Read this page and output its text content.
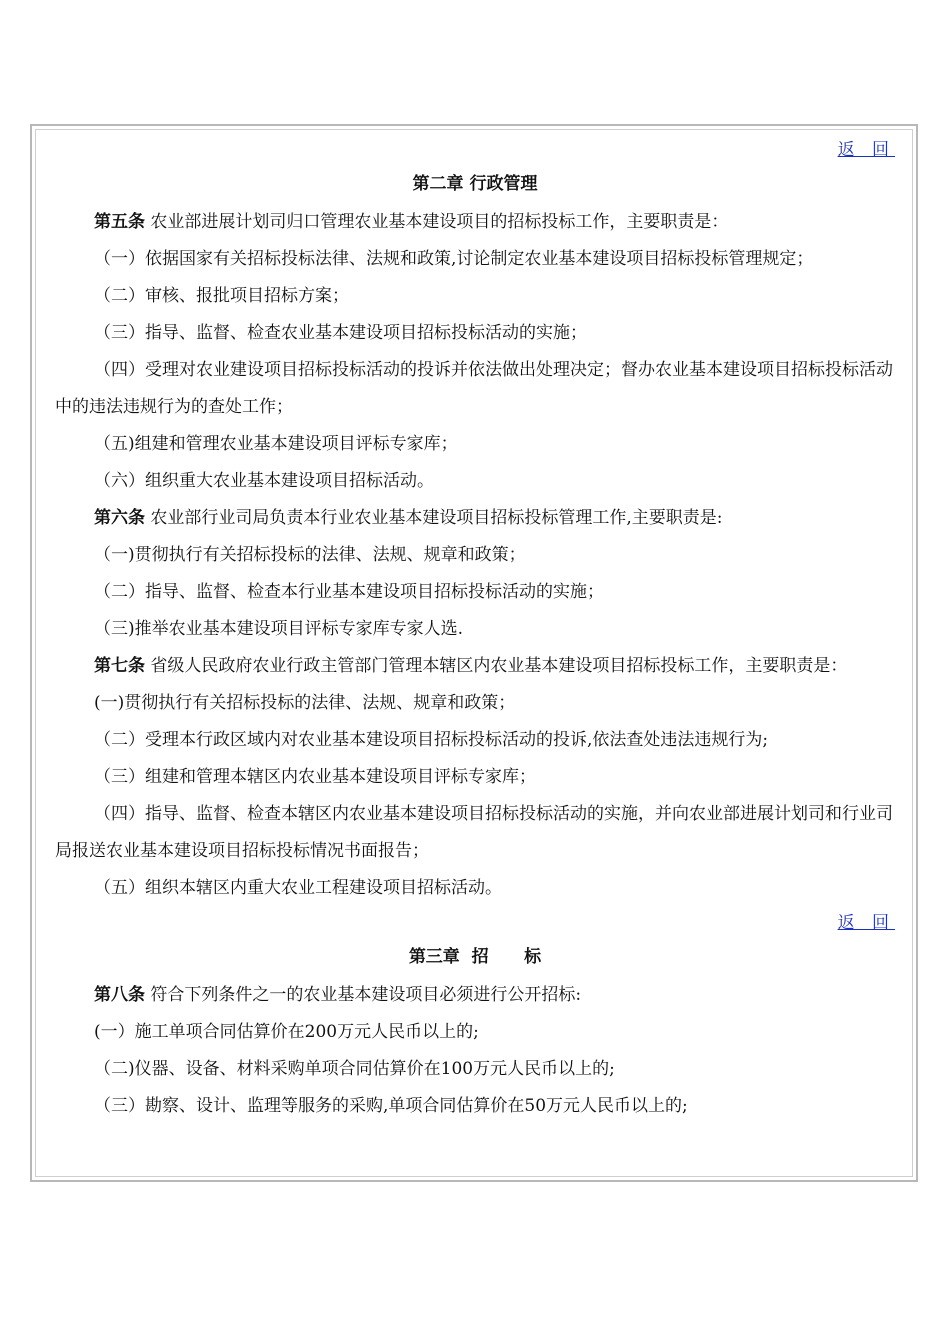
返 回
第二章 行政管理
第五条 农业部进展计划司归口管理农业基本建设项目的招标投标工作，主要职责是：
（一）依据国家有关招标投标法律、法规和政策,讨论制定农业基本建设项目招标投标管理规定；
（二）审核、报批项目招标方案；
（三）指导、监督、检查农业基本建设项目招标投标活动的实施；
（四）受理对农业建设项目招标投标活动的投诉并依法做出处理决定；督办农业基本建设项目招标投标活动中的违法违规行为的查处工作；
（五)组建和管理农业基本建设项目评标专家库；
（六）组织重大农业基本建设项目招标活动。
第六条 农业部行业司局负责本行业农业基本建设项目招标投标管理工作,主要职责是:
（一)贯彻执行有关招标投标的法律、法规、规章和政策；
（二）指导、监督、检查本行业基本建设项目招标投标活动的实施；
（三)推举农业基本建设项目评标专家库专家人选.
第七条 省级人民政府农业行政主管部门管理本辖区内农业基本建设项目招标投标工作，主要职责是：
(一)贯彻执行有关招标投标的法律、法规、规章和政策；
（二）受理本行政区域内对农业基本建设项目招标投标活动的投诉,依法查处违法违规行为;
（三）组建和管理本辖区内农业基本建设项目评标专家库；
（四）指导、监督、检查本辖区内农业基本建设项目招标投标活动的实施，并向农业部进展计划司和行业司局报送农业基本建设项目招标投标情况书面报告；
（五）组织本辖区内重大农业工程建设项目招标活动。
返 回
第三章  招      标
第八条 符合下列条件之一的农业基本建设项目必须进行公开招标:
(一）施工单项合同估算价在200万元人民币以上的;
（二)仪器、设备、材料采购单项合同估算价在100万元人民币以上的;
（三）勘察、设计、监理等服务的采购,单项合同估算价在50万元人民币以上的;
